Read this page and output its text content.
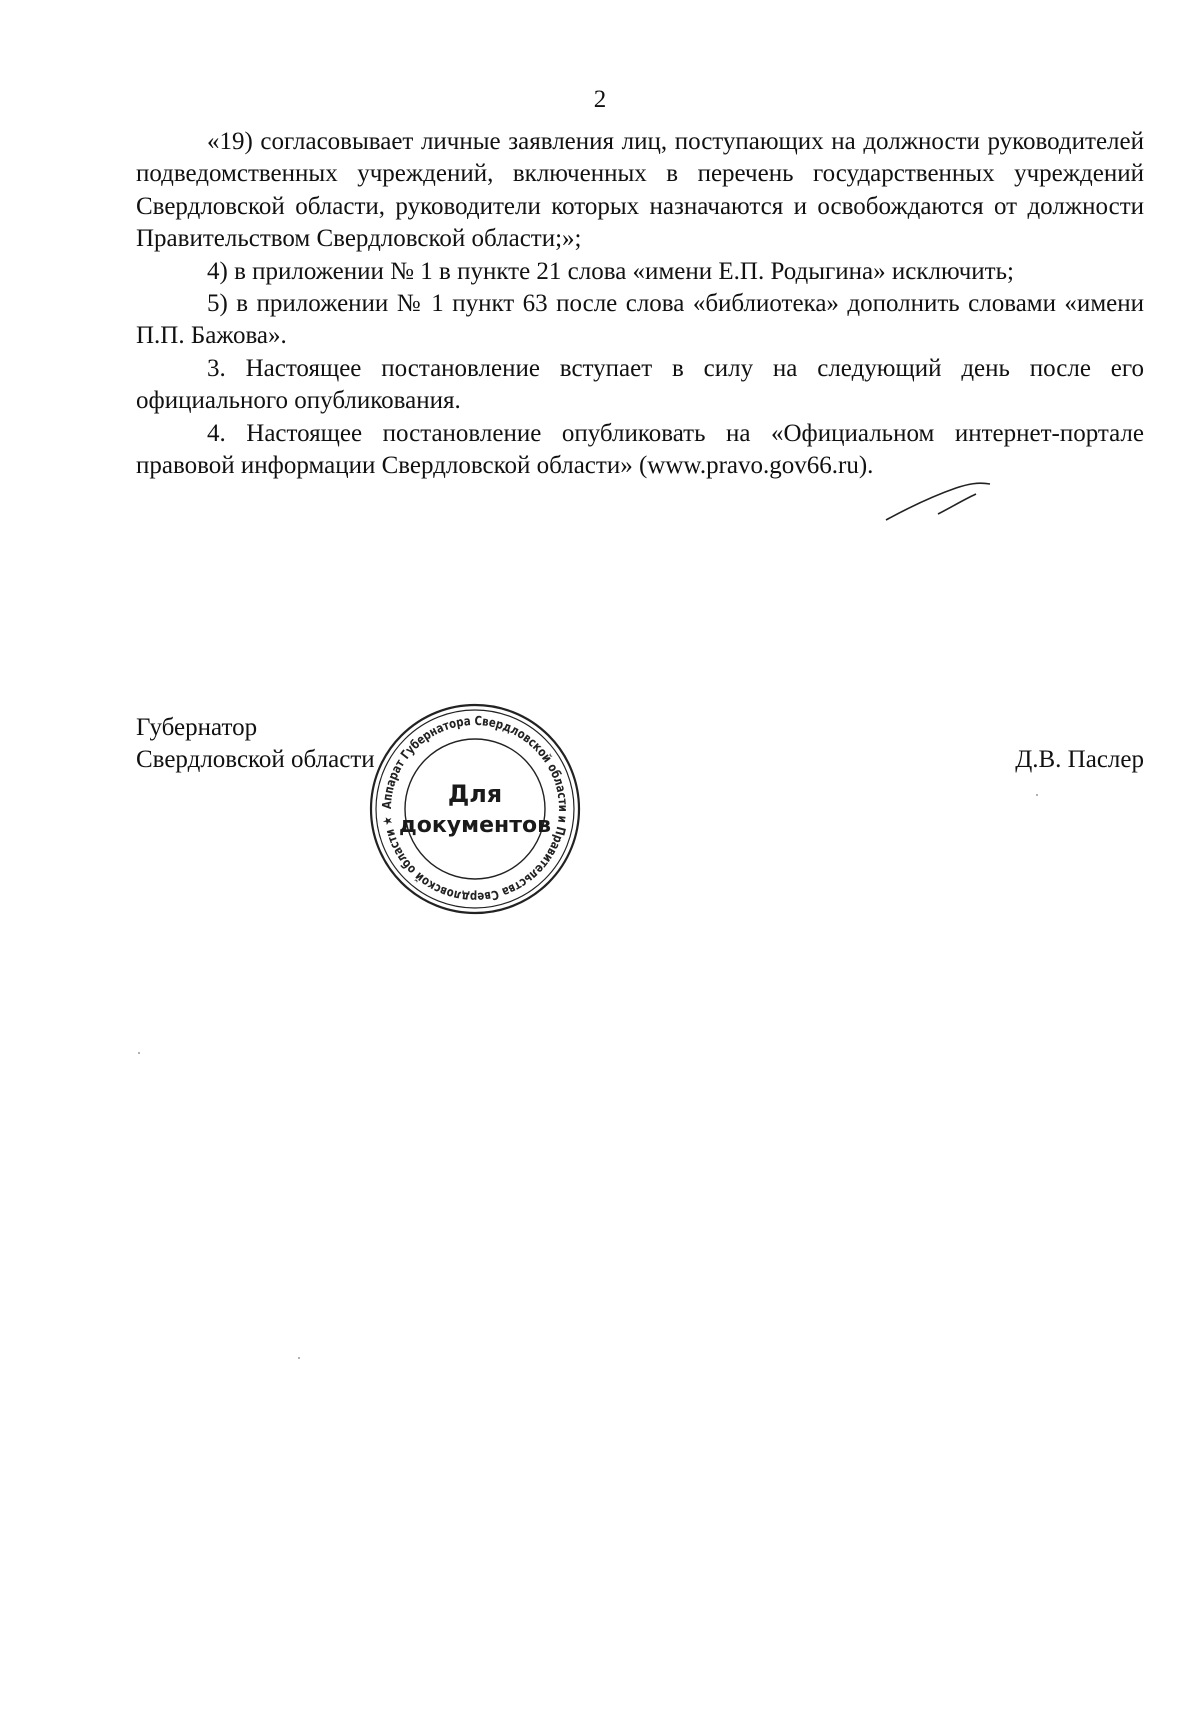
2

«19) согласовывает личные заявления лиц, поступающих на должности руководителей подведомственных учреждений, включенных в перечень государственных учреждений Свердловской области, руководители которых назначаются и освобождаются от должности Правительством Свердловской области;»;

4) в приложении № 1 в пункте 21 слова «имени Е.П. Родыгина» исключить;

5) в приложении № 1 пункт 63 после слова «библиотека» дополнить словами «имени П.П. Бажова».

3. Настоящее постановление вступает в силу на следующий день после его официального опубликования.

4. Настоящее постановление опубликовать на «Официальном интернет-портале правовой информации Свердловской области» (www.pravo.gov66.ru).

Губернатор
Свердловской области	Д.В. Паслер
Аппарат Губернатора Свердловской области и Правительства Свердловской области ★
Для
документов
